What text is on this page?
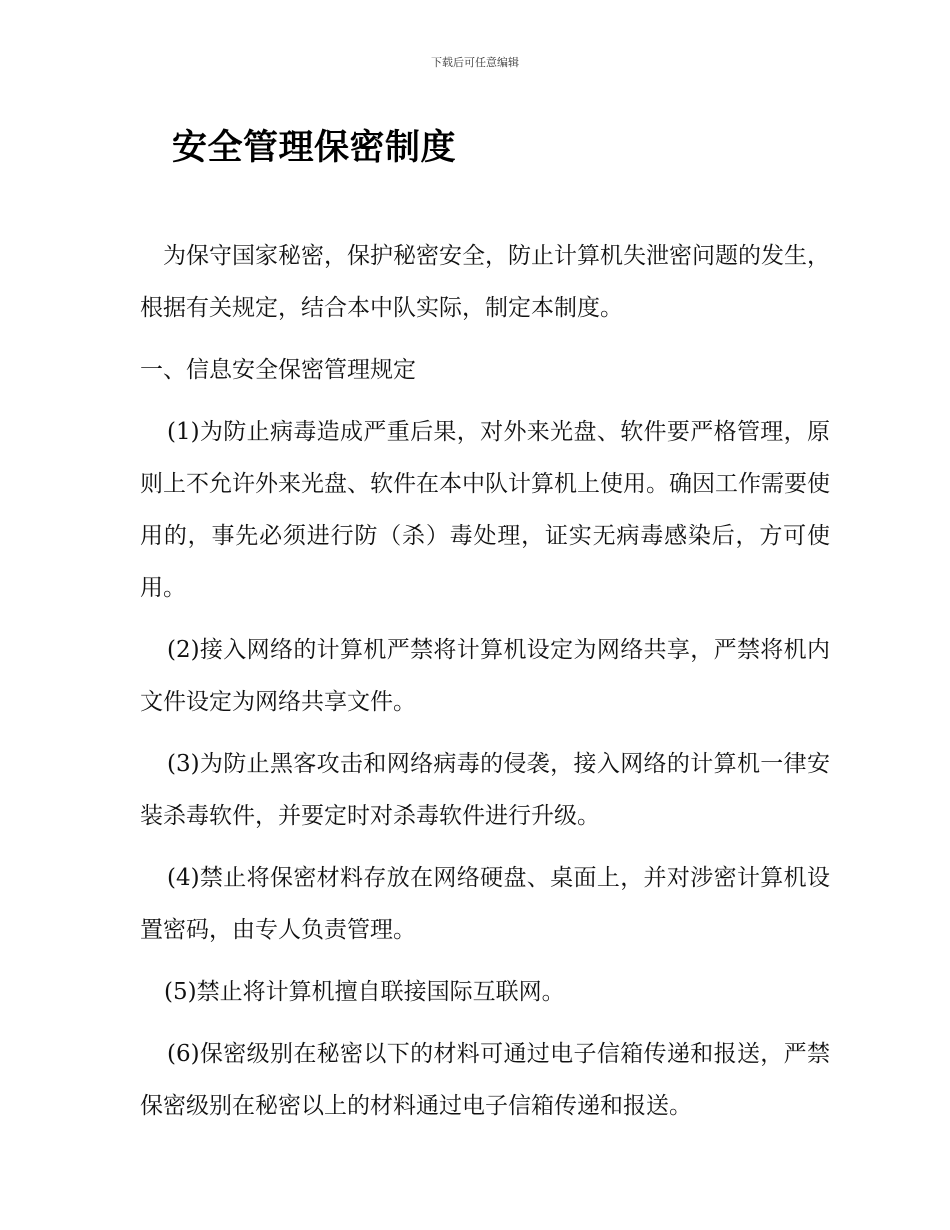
下载后可任意编辑
安全管理保密制度

为保守国家秘密，保护秘密安全，防止计算机失泄密问题的发生，根据有关规定，结合本中队实际，制定本制度。

一、信息安全保密管理规定

(1)为防止病毒造成严重后果，对外来光盘、软件要严格管理，原则上不允许外来光盘、软件在本中队计算机上使用。确因工作需要使用的，事先必须进行防（杀）毒处理，证实无病毒感染后，方可使用。

(2)接入网络的计算机严禁将计算机设定为网络共享，严禁将机内文件设定为网络共享文件。

(3)为防止黑客攻击和网络病毒的侵袭，接入网络的计算机一律安装杀毒软件，并要定时对杀毒软件进行升级。

(4)禁止将保密材料存放在网络硬盘、桌面上，并对涉密计算机设置密码，由专人负责管理。

(5)禁止将计算机擅自联接国际互联网。

(6)保密级别在秘密以下的材料可通过电子信箱传递和报送，严禁保密级别在秘密以上的材料通过电子信箱传递和报送。
